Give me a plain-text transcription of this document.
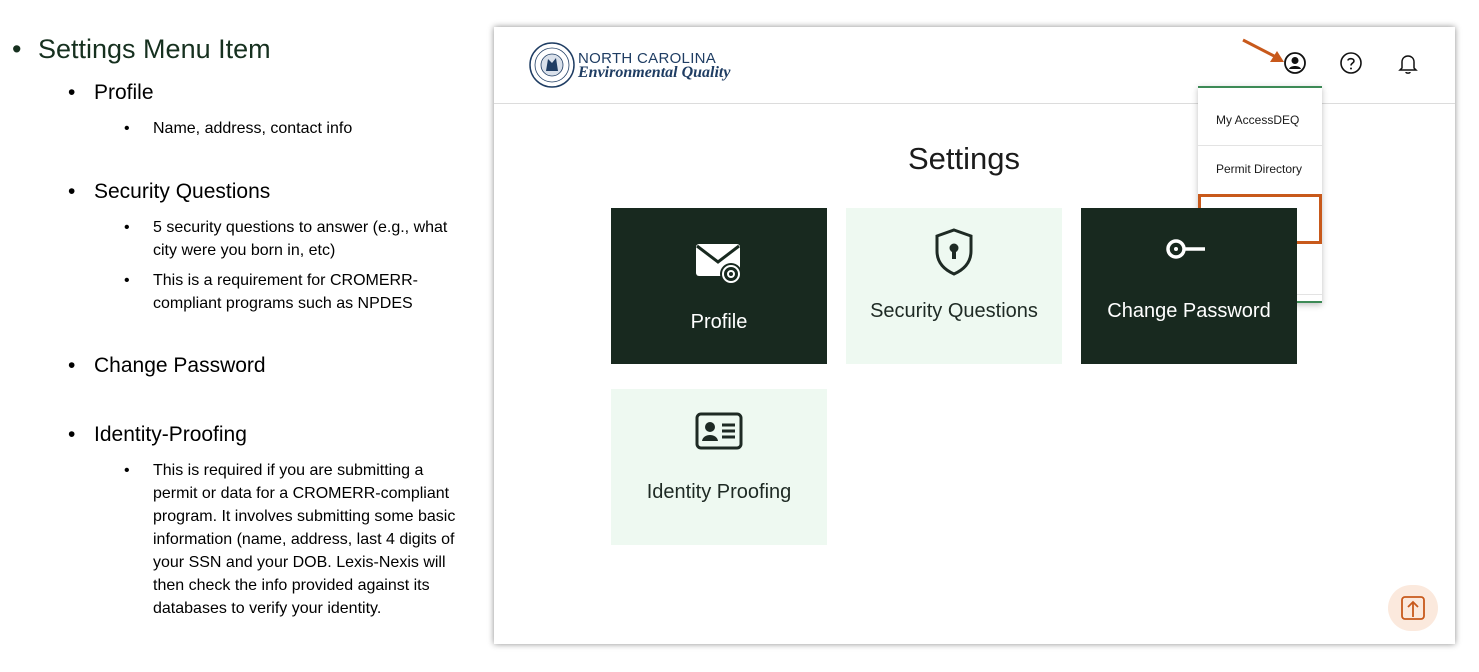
• Settings Menu Item
• Profile
• Name, address, contact info
• Security Questions
• 5 security questions to answer (e.g., what city were you born in, etc)
• This is a requirement for CROMERR-compliant programs such as NPDES
• Change Password
• Identity-Proofing
• This is required if you are submitting a permit or data for a CROMERR-compliant program. It involves submitting some basic information (name, address, last 4 digits of your SSN and your DOB. Lexis-Nexis will then check the info provided against its databases to verify your identity.
NORTH CAROLINA
Environmental Quality
My AccessDEQ
Permit Directory
Settings
Profile	Security Questions	Change Password
Identity Proofing
